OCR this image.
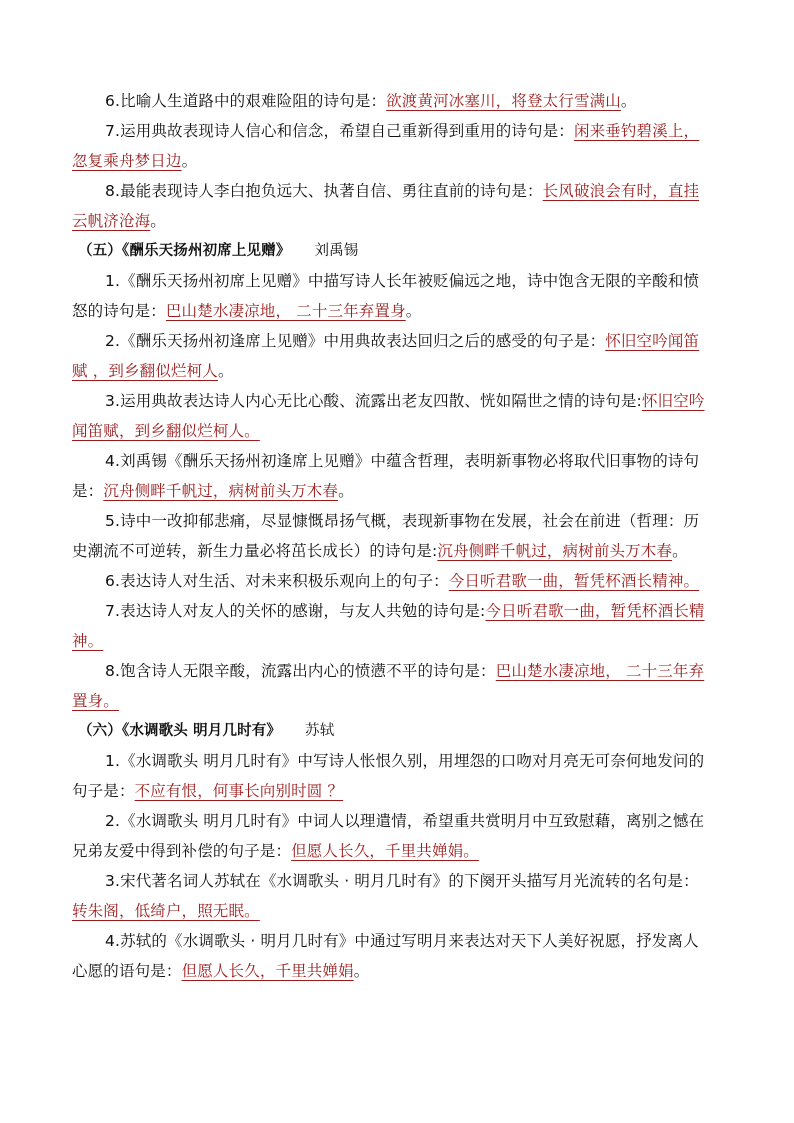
6.比喻人生道路中的艰难险阻的诗句是：欲渡黄河冰塞川，将登太行雪满山。
7.运用典故表现诗人信心和信念，希望自己重新得到重用的诗句是：闲来垂钓碧溪上，
忽复乘舟梦日边。
8.最能表现诗人李白抱负远大、执著自信、勇往直前的诗句是：长风破浪会有时，直挂
云帆济沧海。
（五）《酬乐天扬州初席上见赠》 刘禹锡
1.《酬乐天扬州初席上见赠》中描写诗人长年被贬偏远之地，诗中饱含无限的辛酸和愤
怒的诗句是：巴山楚水凄凉地， 二十三年弃置身。
2.《酬乐天扬州初逢席上见赠》中用典故表达回归之后的感受的句子是：怀旧空吟闻笛
赋 ，到乡翻似烂柯人。
3.运用典故表达诗人内心无比心酸、流露出老友四散、恍如隔世之情的诗句是:怀旧空吟
闻笛赋，到乡翻似烂柯人。
4.刘禹锡《酬乐天扬州初逢席上见赠》中蕴含哲理，表明新事物必将取代旧事物的诗句
是：沉舟侧畔千帆过，病树前头万木春。
5.诗中一改抑郁悲痛，尽显慷慨昂扬气概，表现新事物在发展，社会在前进（哲理：历
史潮流不可逆转，新生力量必将茁长成长）的诗句是:沉舟侧畔千帆过，病树前头万木春。
6.表达诗人对生活、对未来积极乐观向上的句子：今日听君歌一曲，暂凭杯酒长精神。
7.表达诗人对友人的关怀的感谢，与友人共勉的诗句是:今日听君歌一曲，暂凭杯酒长精
神。
8.饱含诗人无限辛酸，流露出内心的愤懑不平的诗句是：巴山楚水凄凉地， 二十三年弃
置身。
（六）《水调歌头 明月几时有》 苏轼
1.《水调歌头 明月几时有》中写诗人怅恨久别，用埋怨的口吻对月亮无可奈何地发问的
句子是：不应有恨，何事长向别时圆 ？
2.《水调歌头 明月几时有》中词人以理遣情，希望重共赏明月中互致慰藉，离别之憾在
兄弟友爱中得到补偿的句子是：但愿人长久，千里共婵娟。
3.宋代著名词人苏轼在《水调歌头 · 明月几时有》的下阕开头描写月光流转的名句是：
转朱阁，低绮户，照无眠。
4.苏轼的《水调歌头 · 明月几时有》中通过写明月来表达对天下人美好祝愿，抒发离人
心愿的语句是：但愿人长久，千里共婵娟。
